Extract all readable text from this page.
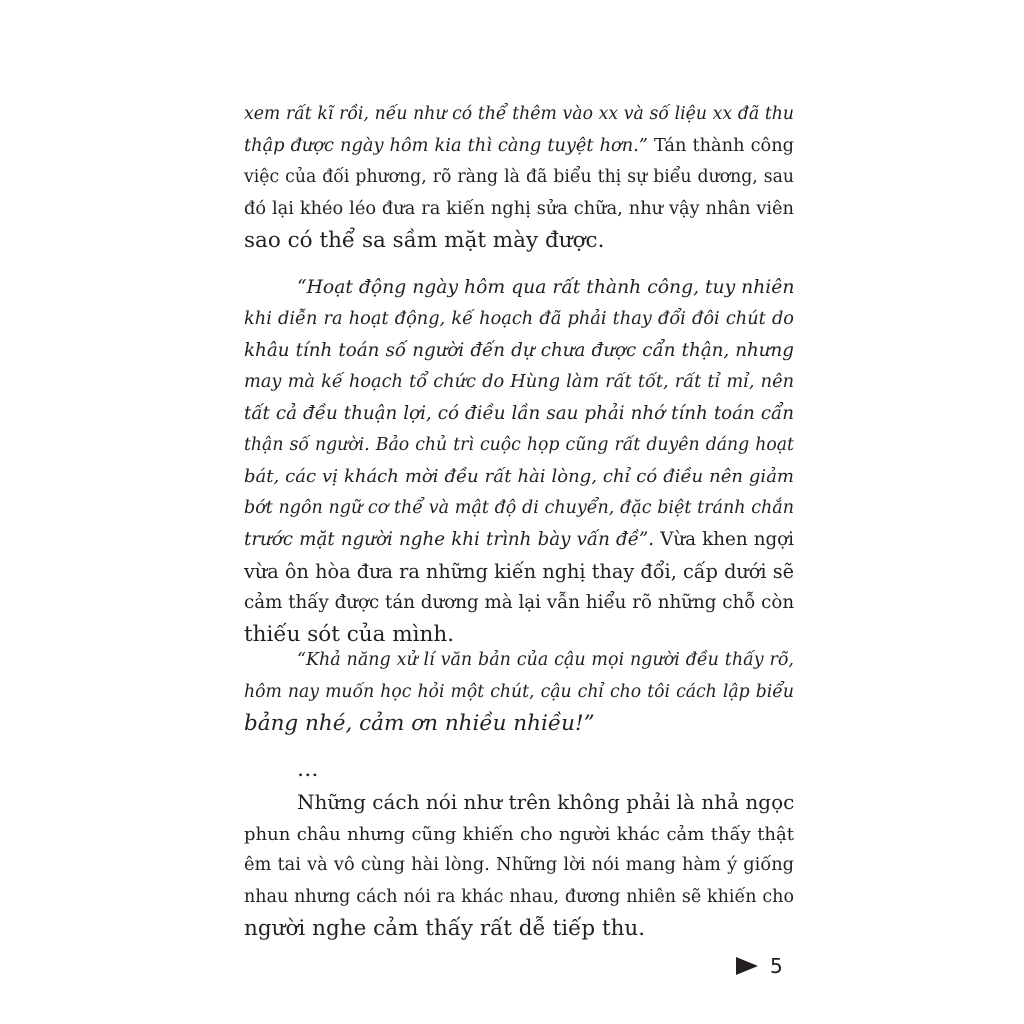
xem rất kĩ rồi, nếu như có thể thêm vào xx và số liệu xx đã thu
thập được ngày hôm kia thì càng tuyệt hơn.” Tán thành công
việc của đối phương, rõ ràng là đã biểu thị sự biểu dương, sau
đó lại khéo léo đưa ra kiến nghị sửa chữa, như vậy nhân viên
sao có thể sa sầm mặt mày được.
“Hoạt động ngày hôm qua rất thành công, tuy nhiên
khi diễn ra hoạt động, kế hoạch đã phải thay đổi đôi chút do
khâu tính toán số người đến dự chưa được cẩn thận, nhưng
may mà kế hoạch tổ chức do Hùng làm rất tốt, rất tỉ mỉ, nên
tất cả đều thuận lợi, có điều lần sau phải nhớ tính toán cẩn
thận số người. Bảo chủ trì cuộc họp cũng rất duyên dáng hoạt
bát, các vị khách mời đều rất hài lòng, chỉ có điều nên giảm
bớt ngôn ngữ cơ thể và mật độ di chuyển, đặc biệt tránh chắn
trước mặt người nghe khi trình bày vấn đề”. Vừa khen ngợi
vừa ôn hòa đưa ra những kiến nghị thay đổi, cấp dưới sẽ
cảm thấy được tán dương mà lại vẫn hiểu rõ những chỗ còn
thiếu sót của mình.
“Khả năng xử lí văn bản của cậu mọi người đều thấy rõ,
hôm nay muốn học hỏi một chút, cậu chỉ cho tôi cách lập biểu
bảng nhé, cảm ơn nhiều nhiều!”
…
Những cách nói như trên không phải là nhả ngọc
phun châu nhưng cũng khiến cho người khác cảm thấy thật
êm tai và vô cùng hài lòng. Những lời nói mang hàm ý giống
nhau nhưng cách nói ra khác nhau, đương nhiên sẽ khiến cho
người nghe cảm thấy rất dễ tiếp thu.
5
